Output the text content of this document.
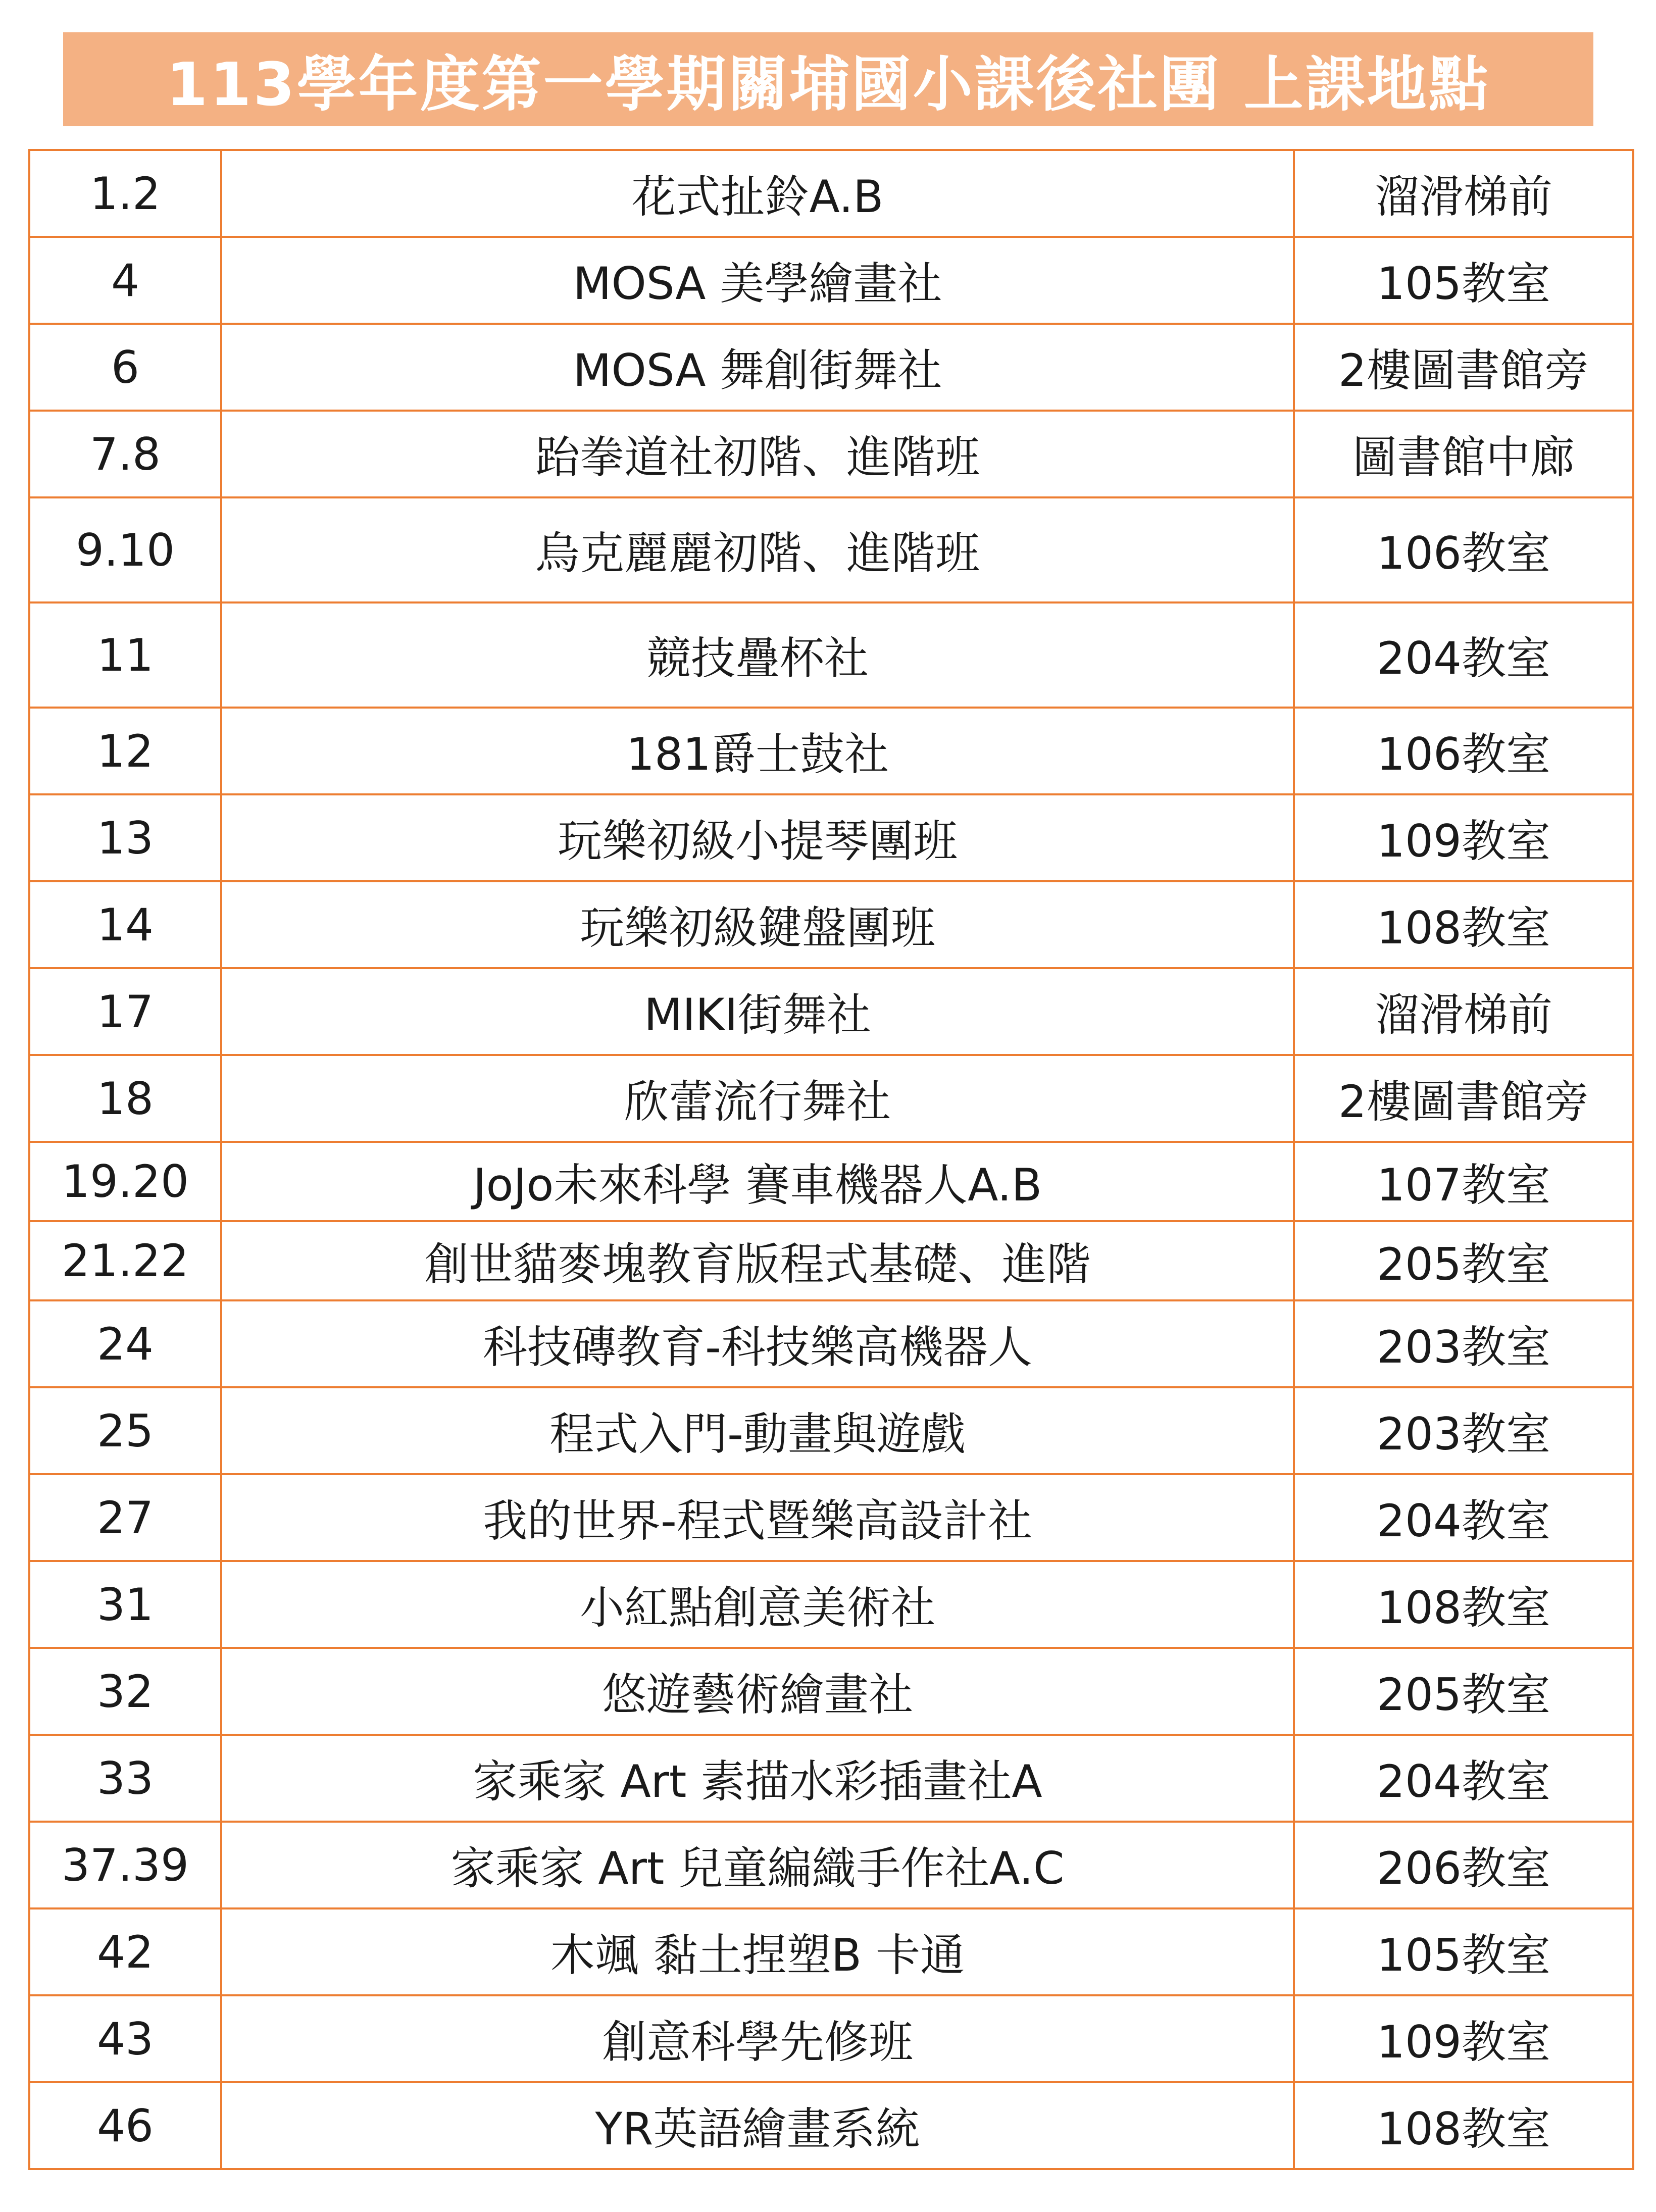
113學年度第一學期關埔國小課後社團 上課地點
1.2	花式扯鈴A.B	溜滑梯前
4	MOSA 美學繪畫社	105教室
6	MOSA 舞創街舞社	2樓圖書館旁
7.8	跆拳道社初階、進階班	圖書館中廊
9.10	烏克麗麗初階、進階班	106教室
11	競技疊杯社	204教室
12	181爵士鼓社	106教室
13	玩樂初級小提琴團班	109教室
14	玩樂初級鍵盤團班	108教室
17	MIKI街舞社	溜滑梯前
18	欣蕾流行舞社	2樓圖書館旁
19.20	JoJo未來科學 賽車機器人A.B	107教室
21.22	創世貓麥塊教育版程式基礎、進階	205教室
24	科技磚教育-科技樂高機器人	203教室
25	程式入門-動畫與遊戲	203教室
27	我的世界-程式暨樂高設計社	204教室
31	小紅點創意美術社	108教室
32	悠遊藝術繪畫社	205教室
33	家乘家 Art 素描水彩插畫社A	204教室
37.39	家乘家 Art 兒童編織手作社A.C	206教室
42	木颯 黏土捏塑B 卡通	105教室
43	創意科學先修班	109教室
46	YR英語繪畫系統	108教室
